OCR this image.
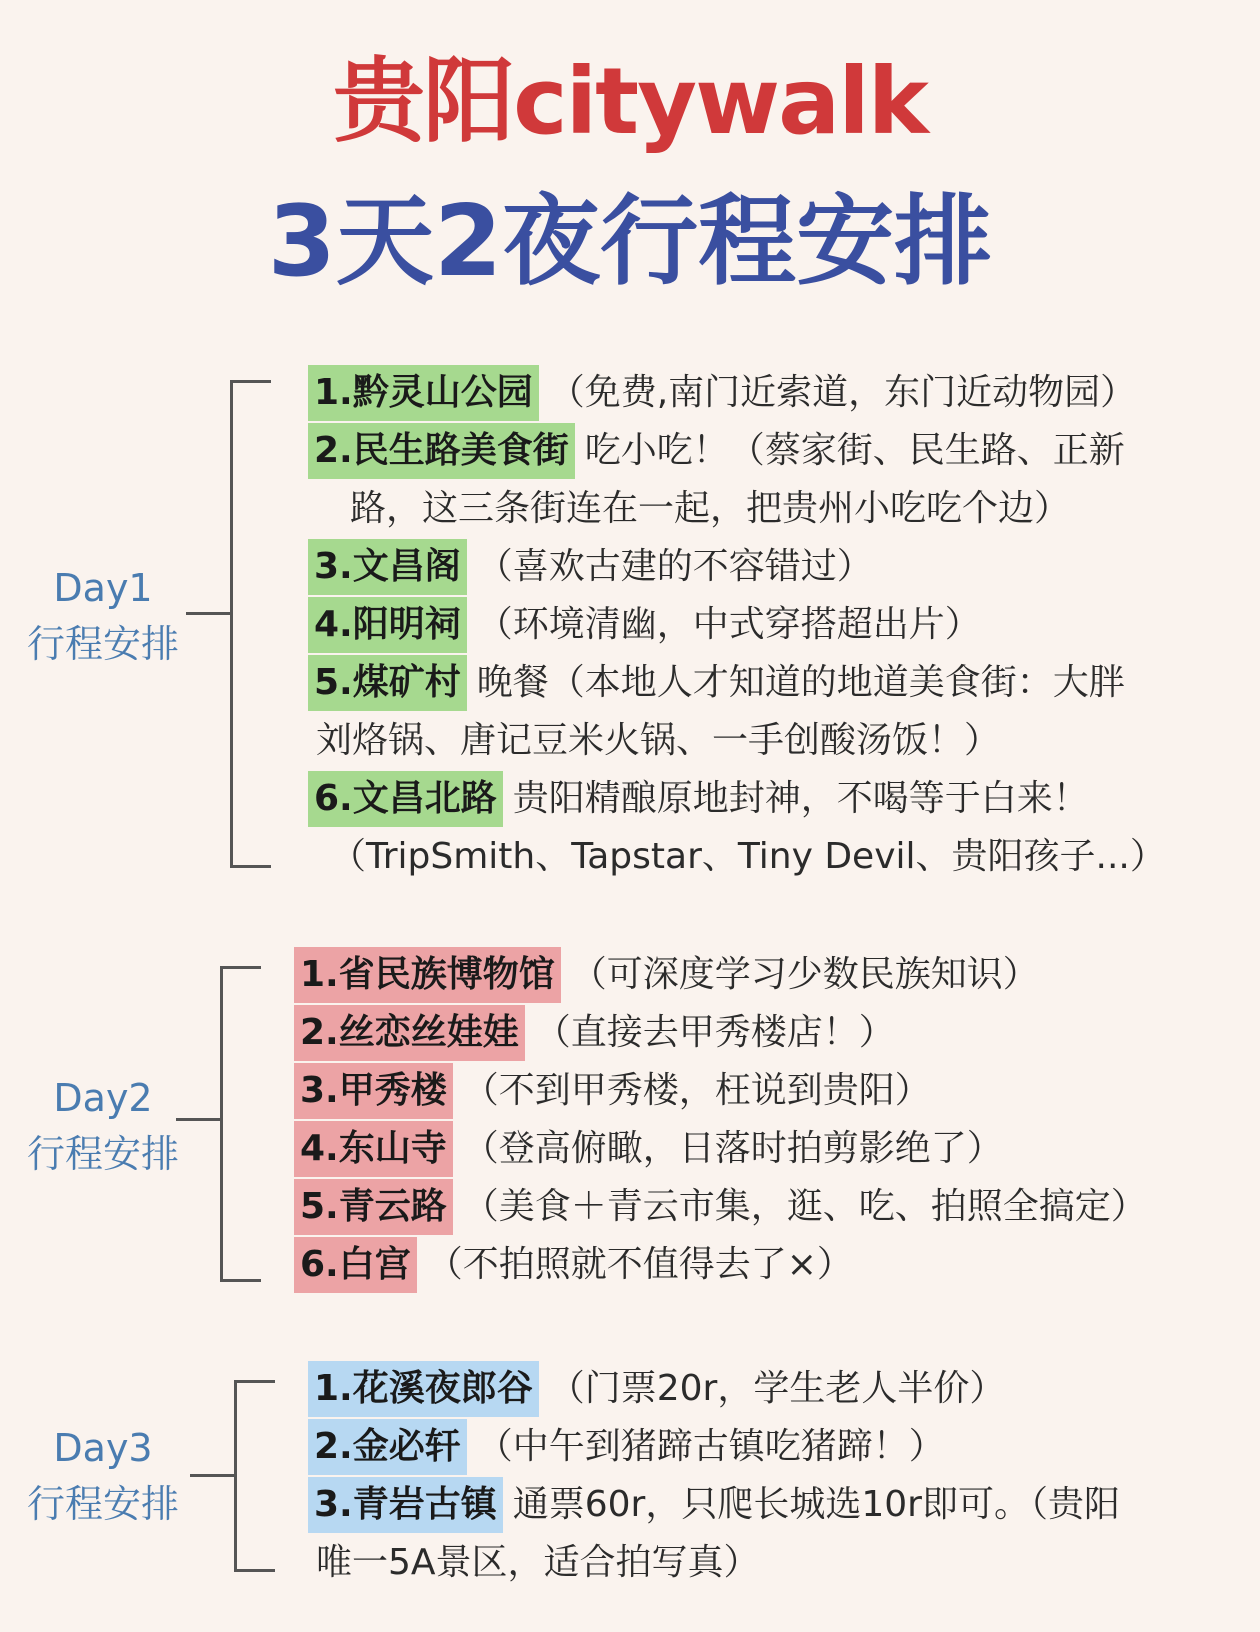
贵阳citywalk
3天2夜行程安排
Day1
行程安排
1.黔灵山公园 （免费,南门近索道，东门近动物园）
2.民生路美食街 吃小吃！（蔡家街、民生路、正新
路，这三条街连在一起，把贵州小吃吃个边）
3.文昌阁 （喜欢古建的不容错过）
4.阳明祠 （环境清幽，中式穿搭超出片）
5.煤矿村 晚餐（本地人才知道的地道美食街：大胖
刘烙锅、唐记豆米火锅、一手创酸汤饭！）
6.文昌北路 贵阳精酿原地封神，不喝等于白来！
（TripSmith、Tapstar、Tiny Devil、贵阳孩子...）
Day2
行程安排
1.省民族博物馆 （可深度学习少数民族知识）
2.丝恋丝娃娃 （直接去甲秀楼店！）
3.甲秀楼 （不到甲秀楼，枉说到贵阳）
4.东山寺 （登高俯瞰，日落时拍剪影绝了）
5.青云路 （美食＋青云市集，逛、吃、拍照全搞定）
6.白宫 （不拍照就不值得去了×）
Day3
行程安排
1.花溪夜郎谷 （门票20r，学生老人半价）
2.金必轩 （中午到猪蹄古镇吃猪蹄！）
3.青岩古镇 通票60r，只爬长城选10r即可。（贵阳
唯一5A景区，适合拍写真）
